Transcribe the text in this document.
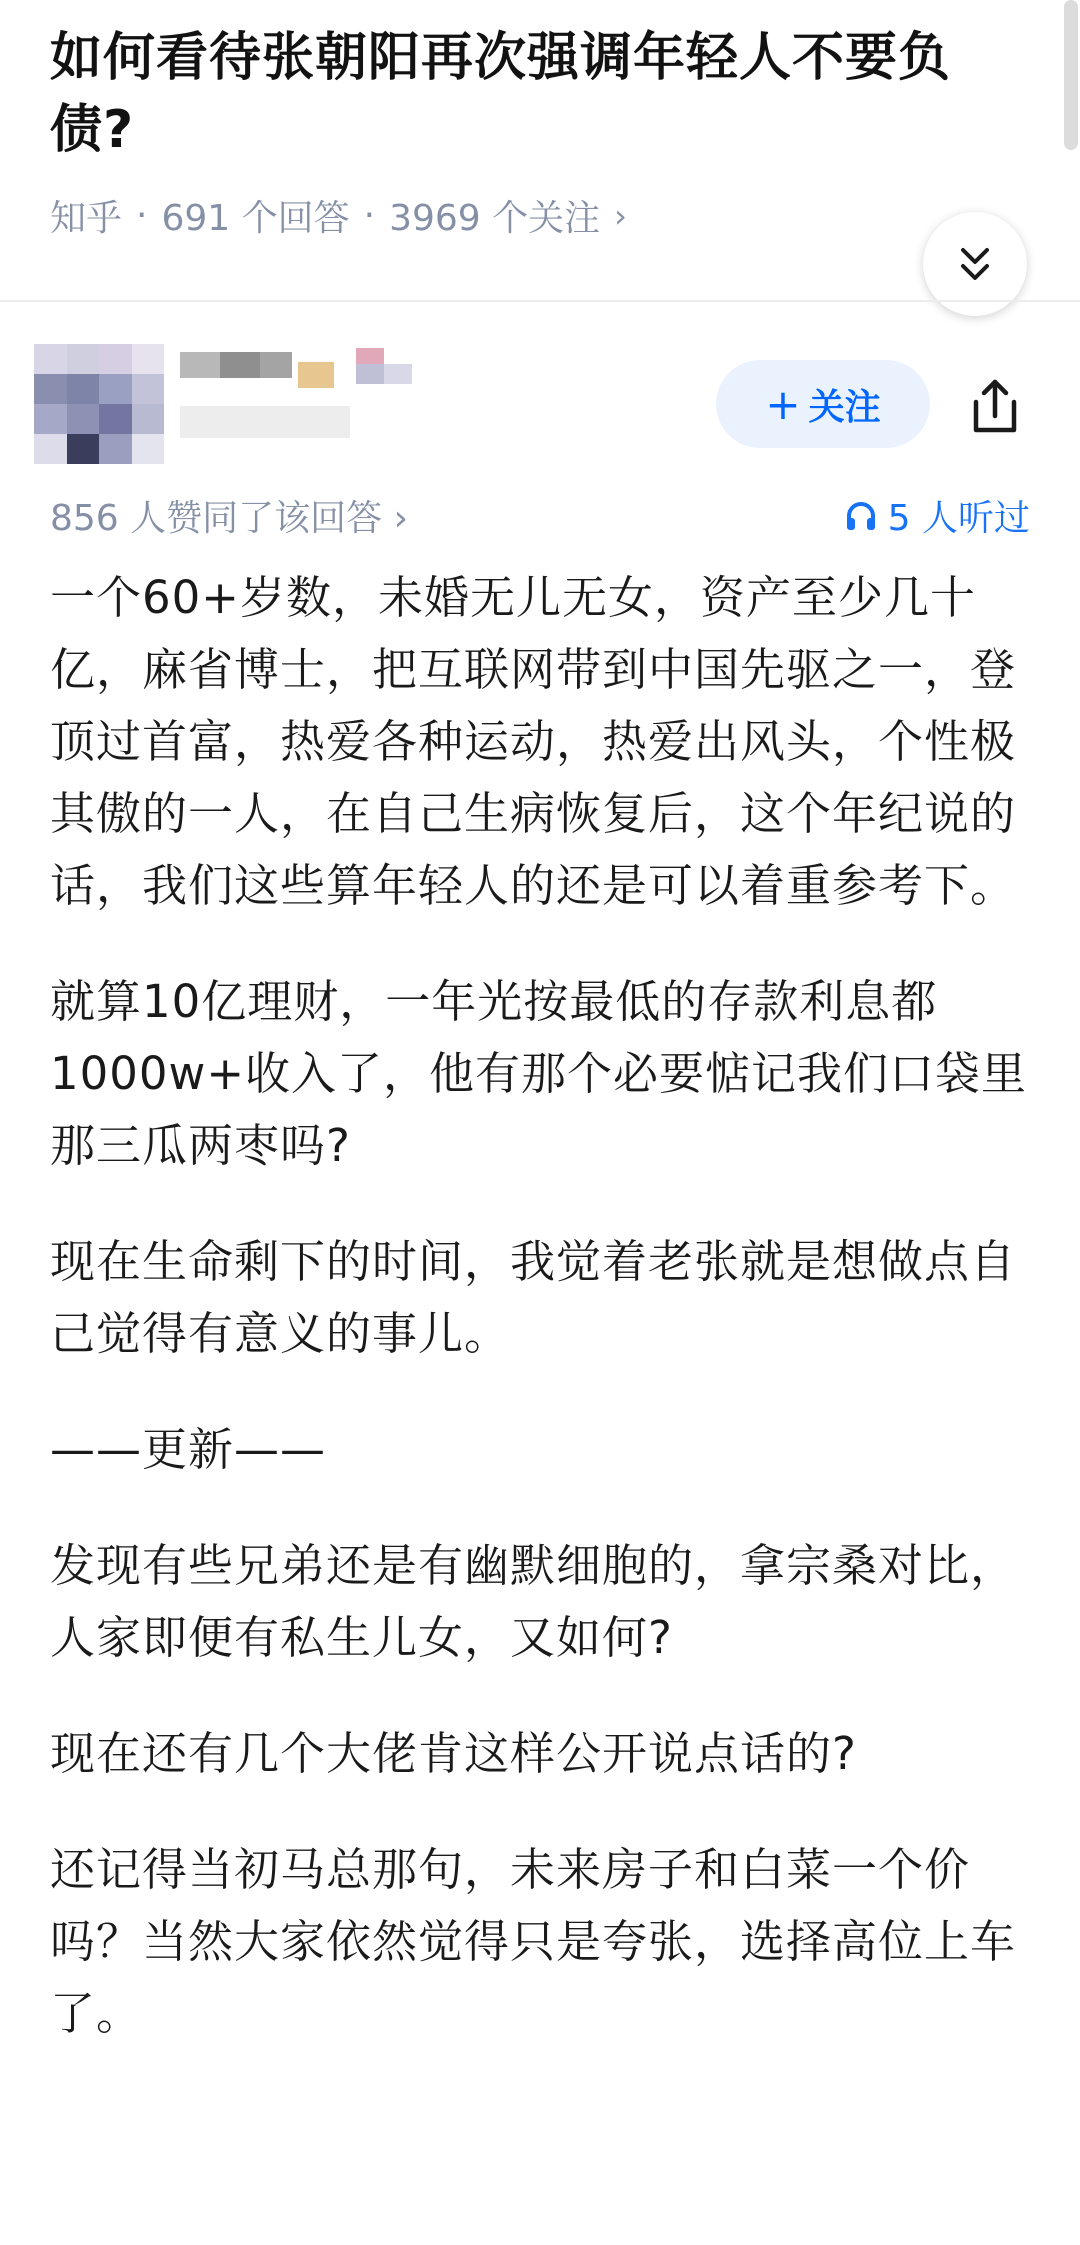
如何看待张朝阳再次强调年轻人不要负债?
知乎 · 691 个回答 · 3969 个关注 ›
+ 关注
856 人赞同了该回答 ›	5 人听过

一个60+岁数，未婚无儿无女，资产至少几十亿，麻省博士，把互联网带到中国先驱之一，登顶过首富，热爱各种运动，热爱出风头，个性极其傲的一人，在自己生病恢复后，这个年纪说的话，我们这些算年轻人的还是可以着重参考下。

就算10亿理财，一年光按最低的存款利息都1000w+收入了，他有那个必要惦记我们口袋里那三瓜两枣吗?

现在生命剩下的时间，我觉着老张就是想做点自己觉得有意义的事儿。

——更新——

发现有些兄弟还是有幽默细胞的，拿宗桑对比，人家即便有私生儿女，又如何?

现在还有几个大佬肯这样公开说点话的?

还记得当初马总那句，未来房子和白菜一个价吗？当然大家依然觉得只是夸张，选择高位上车了。
